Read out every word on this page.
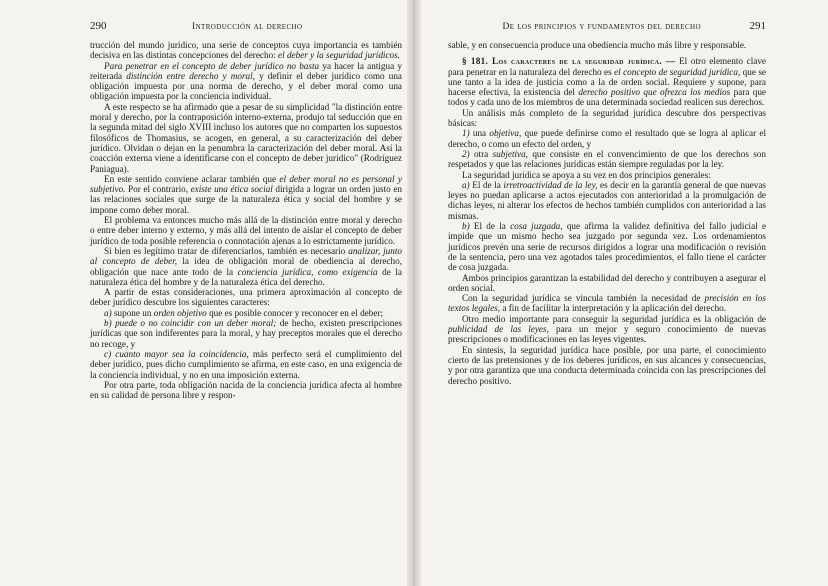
290	Introducción al derecho

trucción del mundo jurídico, una serie de conceptos cuya importancia es también decisiva en las distintas concepciones del derecho: el deber y la seguridad jurídicos.

Para penetrar en el concepto de deber jurídico no basta ya hacer la antigua y reiterada distinción entre derecho y moral, y definir el deber jurídico como una obligación impuesta por una norma de derecho, y el deber moral como una obligación impuesta por la conciencia individual.

A este respecto se ha afirmado que a pesar de su simplicidad "la distinción entre moral y derecho, por la contraposición interno-externa, produjo tal seducción que en la segunda mitad del siglo XVIII incluso los autores que no comparten los supuestos filosóficos de Thomasius, se acogen, en general, a su caracterización del deber jurídico. Olvidan o dejan en la penumbra la caracterización del deber moral. Así la coacción externa viene a identificarse con el concepto de deber jurídico" (Rodríguez Paniagua).

En este sentido conviene aclarar también que el deber moral no es personal y subjetivo. Por el contrario, existe una ética social dirigida a lograr un orden justo en las relaciones sociales que surge de la naturaleza ética y social del hombre y se impone como deber moral.

El problema va entonces mucho más allá de la distinción entre moral y derecho o entre deber interno y externo, y más allá del intento de aislar el concepto de deber jurídico de toda posible referencia o connotación ajenas a lo estrictamente jurídico.

Si bien es legítimo tratar de diferenciarlos, también es necesario analizar, junto al concepto de deber, la idea de obligación moral de obediencia al derecho, obligación que nace ante todo de la conciencia jurídica, como exigencia de la naturaleza ética del hombre y de la naturaleza ética del derecho.

A partir de estas consideraciones, una primera aproximación al concepto de deber jurídico descubre los siguientes caracteres:

a) supone un orden objetivo que es posible conocer y reconocer en el deber;

b) puede o no coincidir con un deber moral; de hecho, existen prescripciones jurídicas que son indiferentes para la moral, y hay preceptos morales que el derecho no recoge, y

c) cuanto mayor sea la coincidencia, más perfecto será el cumplimiento del deber jurídico, pues dicho cumplimiento se afirma, en este caso, en una exigencia de la conciencia individual, y no en una imposición externa.

Por otra parte, toda obligación nacida de la conciencia jurídica afecta al hombre en su calidad de persona libre y respon-

De los principios y fundamentos del derecho	291

sable, y en consecuencia produce una obediencia mucho más libre y responsable.

§ 181. Los caracteres de la seguridad jurídica. — El otro elemento clave para penetrar en la naturaleza del derecho es el concepto de seguridad jurídica, que se une tanto a la idea de justicia como a la de orden social. Requiere y supone, para hacerse efectiva, la existencia del derecho positivo que ofrezca los medios para que todos y cada uno de los miembros de una determinada sociedad realicen sus derechos.

Un análisis más completo de la seguridad jurídica descubre dos perspectivas básicas:

1) una objetiva, que puede definirse como el resultado que se logra al aplicar el derecho, o como un efecto del orden, y

2) otra subjetiva, que consiste en el convencimiento de que los derechos son respetados y que las relaciones jurídicas están siempre reguladas por la ley.

La seguridad jurídica se apoya a su vez en dos principios generales:

a) El de la irretroactividad de la ley, es decir en la garantía general de que nuevas leyes no puedan aplicarse a actos ejecutados con anterioridad a la promulgación de dichas leyes, ni alterar los efectos de hechos también cumplidos con anterioridad a las mismas.

b) El de la cosa juzgada, que afirma la validez definitiva del fallo judicial e impide que un mismo hecho sea juzgado por segunda vez. Los ordenamientos jurídicos prevén una serie de recursos dirigidos a lograr una modificación o revisión de la sentencia, pero una vez agotados tales procedimientos, el fallo tiene el carácter de cosa juzgada.

Ambos principios garantizan la estabilidad del derecho y contribuyen a asegurar el orden social.

Con la seguridad jurídica se vincula también la necesidad de precisión en los textos legales, a fin de facilitar la interpretación y la aplicación del derecho.

Otro medio importante para conseguir la seguridad jurídica es la obligación de publicidad de las leyes, para un mejor y seguro conocimiento de nuevas prescripciones o modificaciones en las leyes vigentes.

En síntesis, la seguridad jurídica hace posible, por una parte, el conocimiento cierto de las pretensiones y de los deberes jurídicos, en sus alcances y consecuencias, y por otra garantiza que una conducta determinada coincida con las prescripciones del derecho positivo.
